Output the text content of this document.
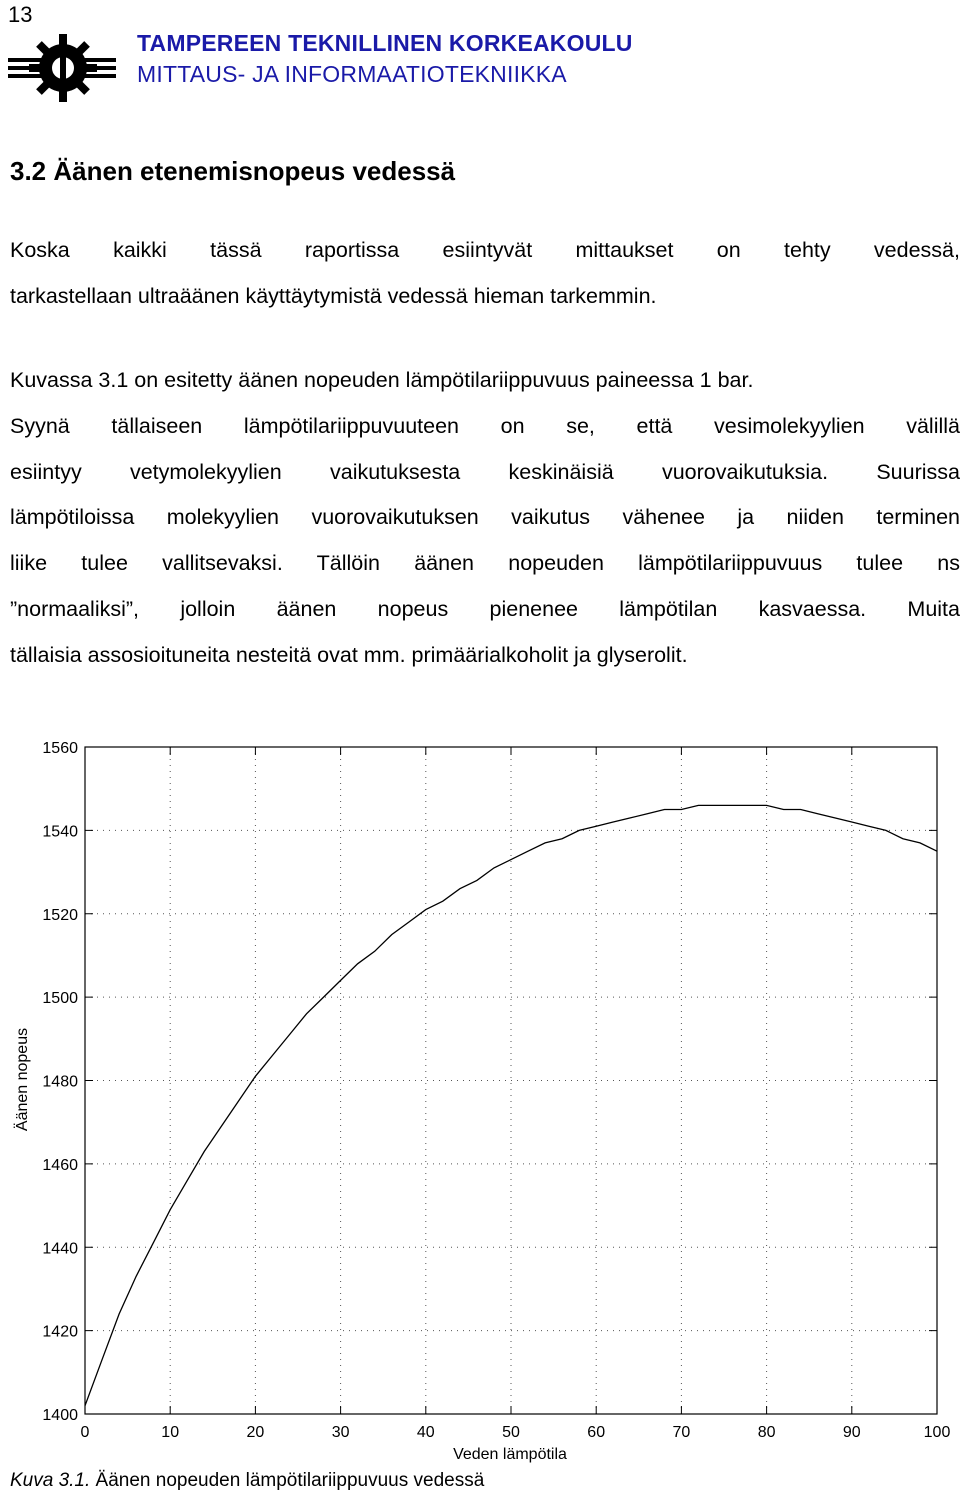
13
TAMPEREEN TEKNILLINEN KORKEAKOULU
MITTAUS- JA INFORMAATIOTEKNIIKKA
3.2 Äänen etenemisnopeus vedessä
Koska kaikki tässä raportissa esiintyvät mittaukset on tehty vedessä,
tarkastellaan ultraäänen käyttäytymistä vedessä hieman tarkemmin.
Kuvassa 3.1 on esitetty äänen nopeuden lämpötilariippuvuus paineessa 1 bar.
Syynä tällaiseen lämpötilariippuvuuteen on se, että vesimolekyylien välillä
esiintyy vetymolekyylien vaikutuksesta keskinäisiä vuorovaikutuksia. Suurissa
lämpötiloissa molekyylien vuorovaikutuksen vaikutus vähenee ja niiden terminen
liike tulee vallitsevaksi. Tällöin äänen nopeuden lämpötilariippuvuus tulee ns
”normaaliksi”, jolloin äänen nopeus pienenee lämpötilan kasvaessa. Muita
tällaisia assosioituneita nesteitä ovat mm. primäärialkoholit ja glyserolit.
0	10	20	30	40	50	60	70	80	90	100
1400
1420
1440
1460
1480
1500
1520
1540
1560
Veden lämpötila
Äänen nopeus
Kuva 3.1. Äänen nopeuden lämpötilariippuvuus vedessä
